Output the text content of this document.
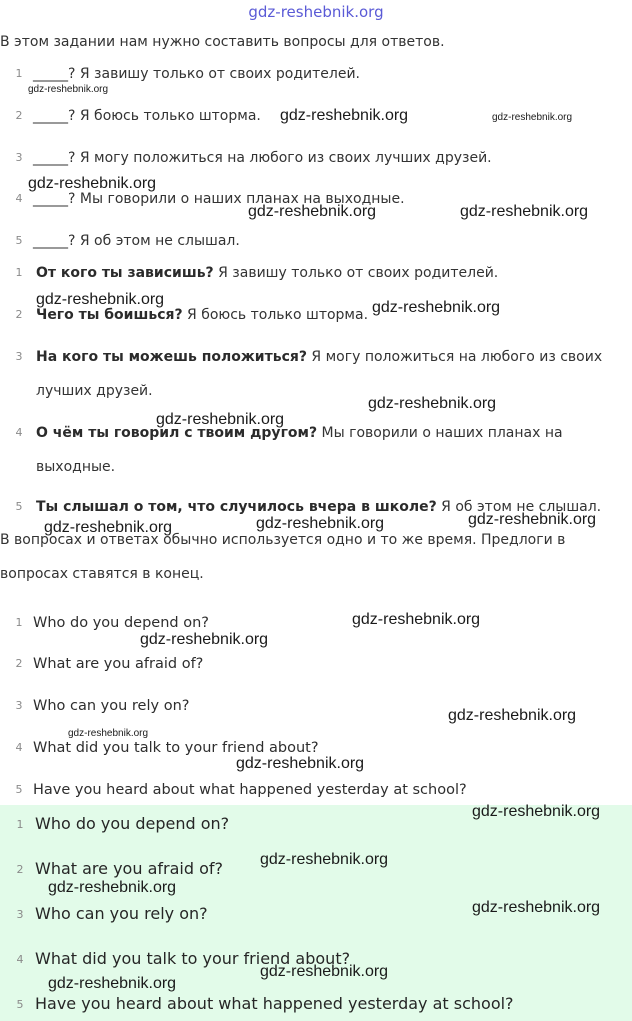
gdz-reshebnik.org
В этом задании нам нужно составить вопросы для ответов.
1 _____? Я завишу только от своих родителей.
2 _____? Я боюсь только шторма.
3 _____? Я могу положиться на любого из своих лучших друзей.
4 _____? Мы говорили о наших планах на выходные.
5 _____? Я об этом не слышал.
1 От кого ты зависишь? Я завишу только от своих родителей.
2 Чего ты боишься? Я боюсь только шторма.
3 На кого ты можешь положиться? Я могу положиться на любого из своих лучших друзей.
4 О чём ты говорил с твоим другом? Мы говорили о наших планах на выходные.
5 Ты слышал о том, что случилось вчера в школе? Я об этом не слышал.
В вопросах и ответах обычно используется одно и то же время. Предлоги в вопросах ставятся в конец.
1 Who do you depend on?
2 What are you afraid of?
3 Who can you rely on?
4 What did you talk to your friend about?
5 Have you heard about what happened yesterday at school?
1 Who do you depend on?
2 What are you afraid of?
3 Who can you rely on?
4 What did you talk to your friend about?
5 Have you heard about what happened yesterday at school?
gdz-reshebnik.org
gdz-reshebnik.org	gdz-reshebnik.org
gdz-reshebnik.org
gdz-reshebnik.org	gdz-reshebnik.org
gdz-reshebnik.org	gdz-reshebnik.org
gdz-reshebnik.org
gdz-reshebnik.org
gdz-reshebnik.org
gdz-reshebnik.org
gdz-reshebnik.org
gdz-reshebnik.org
gdz-reshebnik.org
gdz-reshebnik.org
gdz-reshebnik.org
gdz-reshebnik.org
gdz-reshebnik.org
gdz-reshebnik.org
gdz-reshebnik.org
gdz-reshebnik.org
gdz-reshebnik.org
gdz-reshebnik.org
